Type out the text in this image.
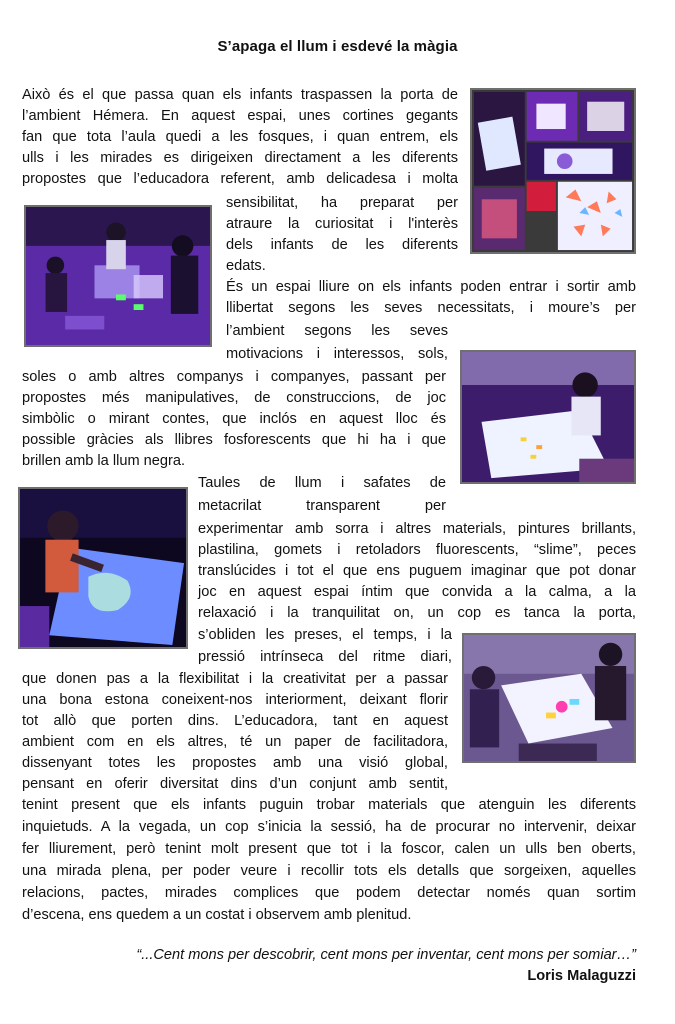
S’apaga el llum i esdevé la màgia
Això és el que passa quan els infants traspassen la porta de
l’ambient Hémera. En aquest espai, unes cortines gegants
fan que tota l’aula quedi a les fosques, i quan entrem, els
ulls i les mirades es dirigeixen directament a les diferents
propostes que l’educadora referent, amb delicadesa i molta
sensibilitat, ha preparat per
atraure la curiositat i l'interès
dels infants de les diferents
edats.
És un espai lliure on els infants poden entrar i sortir amb
llibertat segons les seves necessitats, i moure’s per
l’ambient segons les seves
motivacions i interessos, sols,
soles o amb altres companys i companyes, passant per
propostes més manipulatives, de construccions, de joc
simbòlic o mirant contes, que inclós en aquest lloc és
possible gràcies als llibres fosforescents que hi ha i que
brillen amb la llum negra.
Taules de llum i safates de
metacrilat transparent per
experimentar amb sorra i altres materials, pintures brillants,
plastilina, gomets i retoladors fluorescents, “slime”, peces
translúcides i tot el que ens puguem imaginar que pot donar
joc en aquest espai íntim que convida a la calma, a la
relaxació i la tranquilitat on, un cop es tanca la porta,
s’obliden les preses, el temps, i la
pressió intrínseca del ritme diari,
que donen pas a la flexibilitat i la creativitat per a passar
una bona estona coneixent-nos interiorment, deixant florir
tot allò que porten dins. L’educadora, tant en aquest
ambient com en els altres, té un paper de facilitadora,
dissenyant totes les propostes amb una visió global,
pensant en oferir diversitat dins d’un conjunt amb sentit,
tenint present que els infants puguin trobar materials que atenguin les diferents
inquietuds. A la vegada, un cop s’inicia la sessió, ha de procurar no intervenir, deixar
fer lliurement, però tenint molt present que tot i la foscor, calen un ulls ben oberts,
una mirada plena, per poder veure i recollir tots els detalls que sorgeixen, aquelles
relacions, pactes, mirades complices que podem detectar només quan sortim
d’escena, ens quedem a un costat i observem amb plenitud.
“...Cent mons per descobrir, cent mons per inventar, cent mons per somiar…”
Loris Malaguzzi
